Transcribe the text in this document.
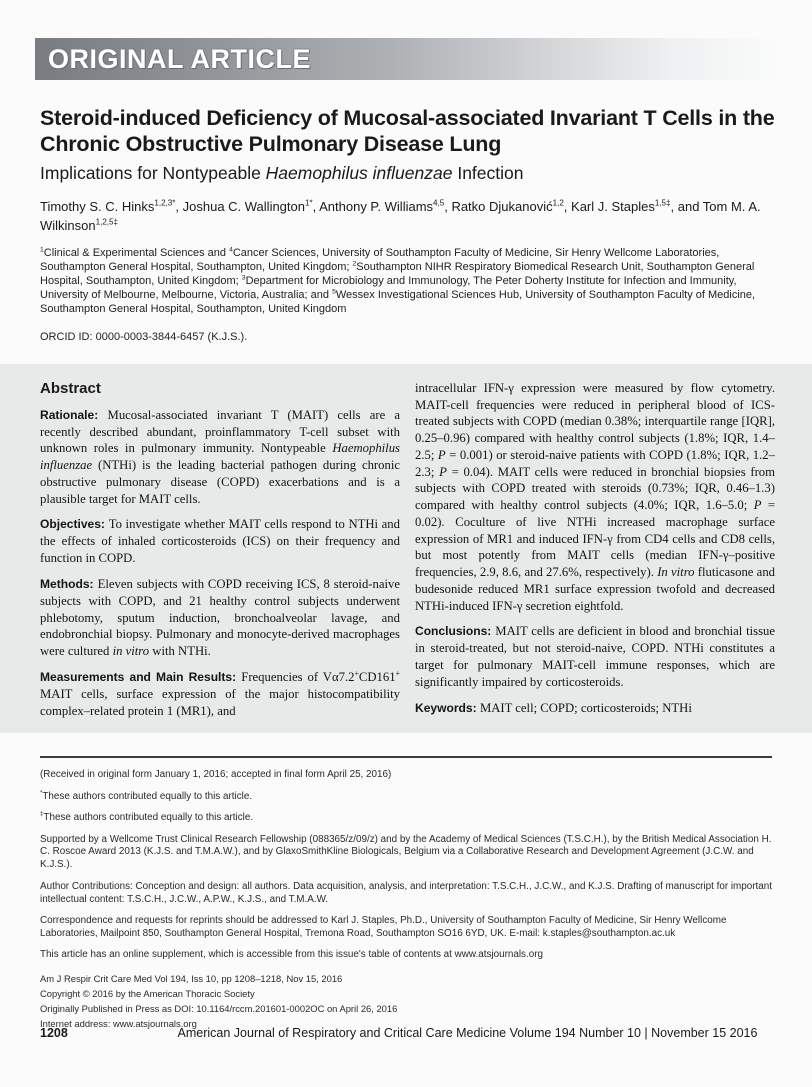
ORIGINAL ARTICLE
Steroid-induced Deficiency of Mucosal-associated Invariant T Cells in the Chronic Obstructive Pulmonary Disease Lung
Implications for Nontypeable Haemophilus influenzae Infection
Timothy S. C. Hinks$^{1,2,3*}$, Joshua C. Wallington$^{1*}$, Anthony P. Williams$^{4,5}$, Ratko Djukanović$^{1,2}$, Karl J. Staples$^{1,5\ddagger}$, and Tom M. A. Wilkinson$^{1,2,5\ddagger}$
$^1$Clinical & Experimental Sciences and $^4$Cancer Sciences, University of Southampton Faculty of Medicine, Sir Henry Wellcome Laboratories, Southampton General Hospital, Southampton, United Kingdom; $^2$Southampton NIHR Respiratory Biomedical Research Unit, Southampton General Hospital, Southampton, United Kingdom; $^3$Department for Microbiology and Immunology, The Peter Doherty Institute for Infection and Immunity, University of Melbourne, Melbourne, Victoria, Australia; and $^5$Wessex Investigational Sciences Hub, University of Southampton Faculty of Medicine, Southampton General Hospital, Southampton, United Kingdom
ORCID ID: 0000-0003-3844-6457 (K.J.S.).
Abstract

Rationale: Mucosal-associated invariant T (MAIT) cells are a recently described abundant, proinflammatory T-cell subset with unknown roles in pulmonary immunity. Nontypeable Haemophilus influenzae (NTHi) is the leading bacterial pathogen during chronic obstructive pulmonary disease (COPD) exacerbations and is a plausible target for MAIT cells.

Objectives: To investigate whether MAIT cells respond to NTHi and the effects of inhaled corticosteroids (ICS) on their frequency and function in COPD.

Methods: Eleven subjects with COPD receiving ICS, 8 steroid-naive subjects with COPD, and 21 healthy control subjects underwent phlebotomy, sputum induction, bronchoalveolar lavage, and endobronchial biopsy. Pulmonary and monocyte-derived macrophages were cultured in vitro with NTHi.

Measurements and Main Results: Frequencies of Vα7.2+CD161+ MAIT cells, surface expression of the major histocompatibility complex–related protein 1 (MR1), and

intracellular IFN-γ expression were measured by flow cytometry. MAIT-cell frequencies were reduced in peripheral blood of ICS-treated subjects with COPD (median 0.38%; interquartile range [IQR], 0.25–0.96) compared with healthy control subjects (1.8%; IQR, 1.4–2.5; P = 0.001) or steroid-naive patients with COPD (1.8%; IQR, 1.2–2.3; P = 0.04). MAIT cells were reduced in bronchial biopsies from subjects with COPD treated with steroids (0.73%; IQR, 0.46–1.3) compared with healthy control subjects (4.0%; IQR, 1.6–5.0; P = 0.02). Coculture of live NTHi increased macrophage surface expression of MR1 and induced IFN-γ from CD4 cells and CD8 cells, but most potently from MAIT cells (median IFN-γ–positive frequencies, 2.9, 8.6, and 27.6%, respectively). In vitro fluticasone and budesonide reduced MR1 surface expression twofold and decreased NTHi-induced IFN-γ secretion eightfold.

Conclusions: MAIT cells are deficient in blood and bronchial tissue in steroid-treated, but not steroid-naive, COPD. NTHi constitutes a target for pulmonary MAIT-cell immune responses, which are significantly impaired by corticosteroids.

Keywords: MAIT cell; COPD; corticosteroids; NTHi

(Received in original form January 1, 2016; accepted in final form April 25, 2016)

*These authors contributed equally to this article.

‡These authors contributed equally to this article.

Supported by a Wellcome Trust Clinical Research Fellowship (088365/z/09/z) and by the Academy of Medical Sciences (T.S.C.H.), by the British Medical Association H. C. Roscoe Award 2013 (K.J.S. and T.M.A.W.), and by GlaxoSmithKline Biologicals, Belgium via a Collaborative Research and Development Agreement (J.C.W. and K.J.S.).

Author Contributions: Conception and design: all authors. Data acquisition, analysis, and interpretation: T.S.C.H., J.C.W., and K.J.S. Drafting of manuscript for important intellectual content: T.S.C.H., J.C.W., A.P.W., K.J.S., and T.M.A.W.

Correspondence and requests for reprints should be addressed to Karl J. Staples, Ph.D., University of Southampton Faculty of Medicine, Sir Henry Wellcome Laboratories, Mailpoint 850, Southampton General Hospital, Tremona Road, Southampton SO16 6YD, UK. E-mail: k.staples@southampton.ac.uk

This article has an online supplement, which is accessible from this issue's table of contents at www.atsjournals.org

Am J Respir Crit Care Med Vol 194, Iss 10, pp 1208–1218, Nov 15, 2016

Copyright © 2016 by the American Thoracic Society

Originally Published in Press as DOI: 10.1164/rccm.201601-0002OC on April 26, 2016

Internet address: www.atsjournals.org

1208	American Journal of Respiratory and Critical Care Medicine Volume 194 Number 10 | November 15 2016
